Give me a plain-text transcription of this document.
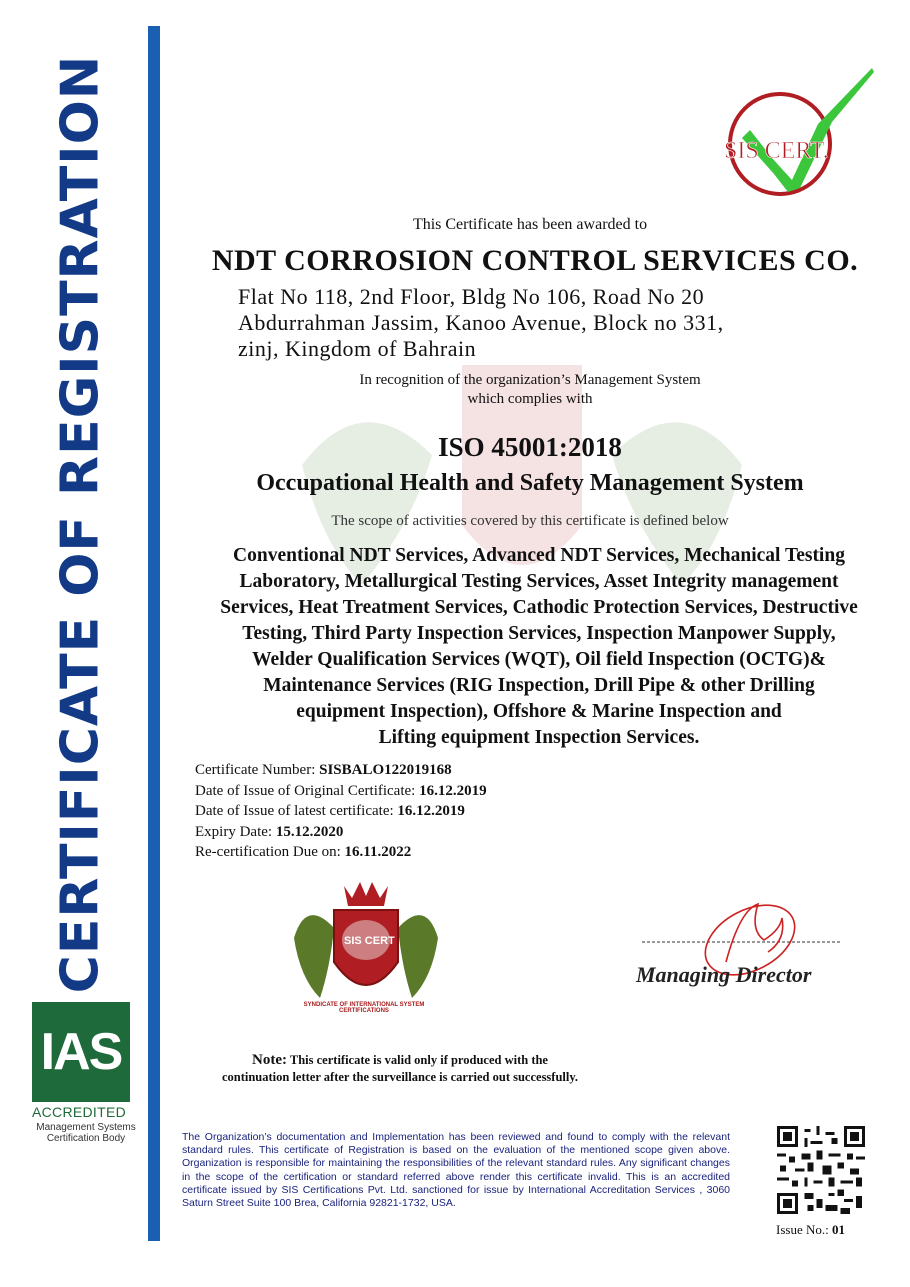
CERTIFICATE OF REGISTRATION	SIS CERT.
This Certificate has been awarded to
NDT CORROSION CONTROL SERVICES CO.
Flat No 118, 2nd Floor, Bldg No 106, Road No 20
Abdurrahman Jassim, Kanoo Avenue, Block no 331,
zinj, Kingdom of Bahrain
In recognition of the organization’s Management System
which complies with
ISO 45001:2018
Occupational Health and Safety Management System
The scope of activities covered by this certificate is defined below
Conventional NDT Services, Advanced NDT Services, Mechanical Testing
Laboratory, Metallurgical Testing Services, Asset Integrity management
Services, Heat Treatment Services, Cathodic Protection Services, Destructive
Testing, Third Party Inspection Services, Inspection Manpower Supply,
Welder Qualification Services (WQT), Oil field Inspection (OCTG)&
Maintenance Services (RIG Inspection, Drill Pipe & other Drilling
equipment Inspection), Offshore & Marine Inspection and
Lifting equipment Inspection Services.
Certificate Number: SISBALO122019168
Date of Issue of Original Certificate: 16.12.2019
Date of Issue of latest certificate: 16.12.2019
Expiry Date: 15.12.2020
Re-certification Due on: 16.11.2022
SIS CERT
SYNDICATE OF INTERNATIONAL SYSTEM CERTIFICATIONS
Managing Director
Note: This certificate is valid only if produced with the
continuation letter after the surveillance is carried out successfully.
IAS
ACCREDITED
Management Systems Certification Body	The Organization’s documentation and Implementation has been reviewed and found to comply with the relevant standard rules. This certificate of Registration is based on the evaluation of the mentioned scope given above. Organization is responsible for maintaining the responsibilities of the relevant standard rules. Any significant changes in the scope of the certification or standard referred above render this certificate invalid. This is an accredited certificate issued by SIS Certifications Pvt. Ltd. sanctioned for issue by International Accreditation Services , 3060 Saturn Street Suite 100 Brea, California 92821-1732, USA.
Issue No.: 01
